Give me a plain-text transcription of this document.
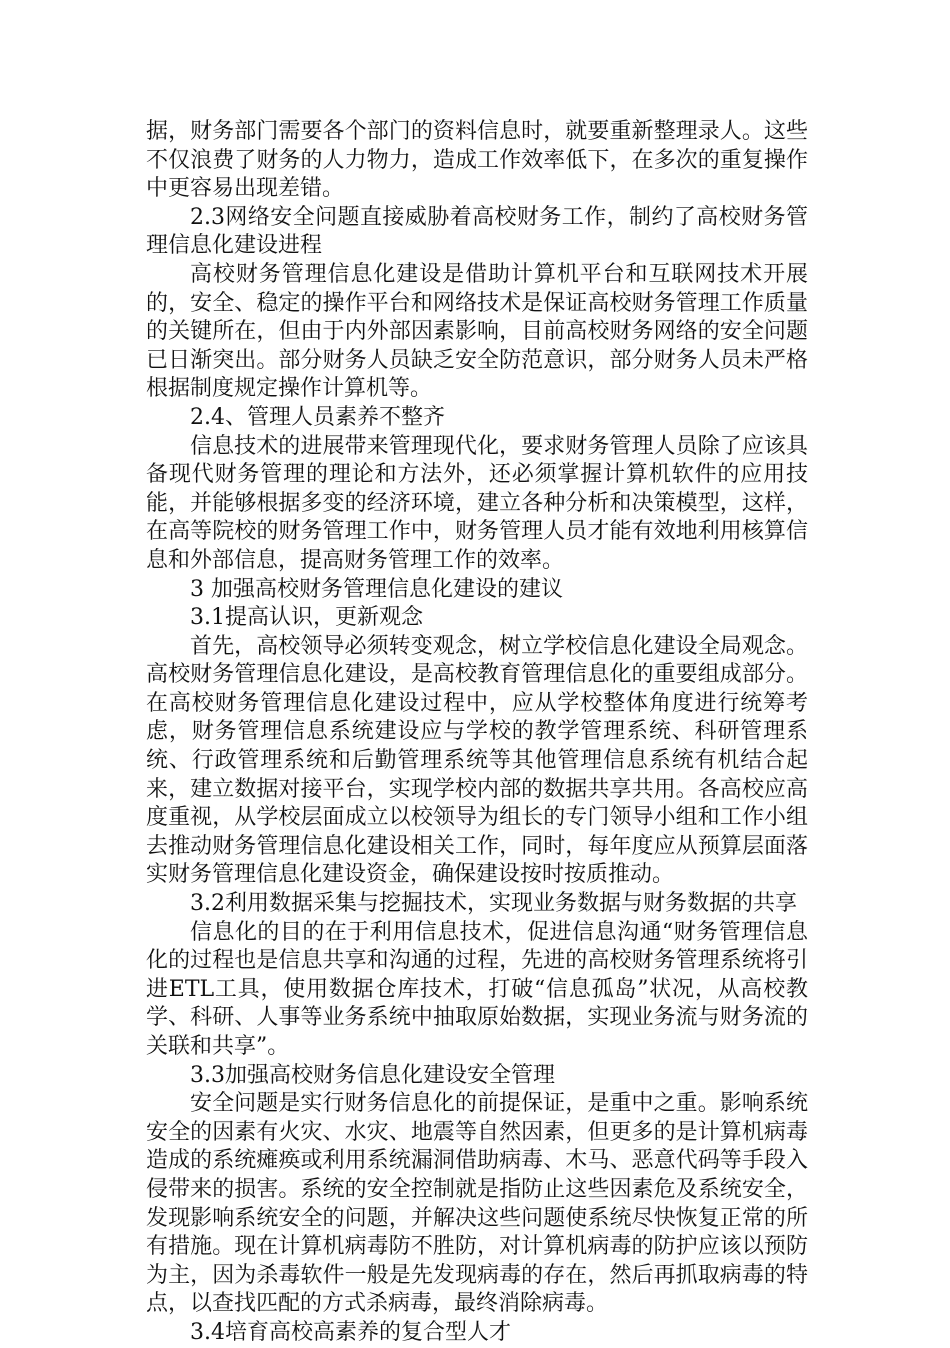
据，财务部门需要各个部门的资料信息时，就要重新整理录人。这些不仅浪费了财务的人力物力，造成工作效率低下，在多次的重复操作中更容易出现差错。

2.3网络安全问题直接威胁着高校财务工作，制约了高校财务管理信息化建设进程

高校财务管理信息化建设是借助计算机平台和互联网技术开展的，安全、稳定的操作平台和网络技术是保证高校财务管理工作质量的关键所在，但由于内外部因素影响，目前高校财务网络的安全问题已日渐突出。部分财务人员缺乏安全防范意识，部分财务人员未严格根据制度规定操作计算机等。

2.4、管理人员素养不整齐

信息技术的进展带来管理现代化，要求财务管理人员除了应该具备现代财务管理的理论和方法外，还必须掌握计算机软件的应用技能，并能够根据多变的经济环境，建立各种分析和决策模型，这样，在高等院校的财务管理工作中，财务管理人员才能有效地利用核算信息和外部信息，提高财务管理工作的效率。

3 加强高校财务管理信息化建设的建议

3.1提高认识，更新观念

首先，高校领导必须转变观念，树立学校信息化建设全局观念。高校财务管理信息化建设，是高校教育管理信息化的重要组成部分。在高校财务管理信息化建设过程中，应从学校整体角度进行统筹考虑，财务管理信息系统建设应与学校的教学管理系统、科研管理系统、行政管理系统和后勤管理系统等其他管理信息系统有机结合起来，建立数据对接平台，实现学校内部的数据共享共用。各高校应高度重视，从学校层面成立以校领导为组长的专门领导小组和工作小组去推动财务管理信息化建设相关工作，同时，每年度应从预算层面落实财务管理信息化建设资金，确保建设按时按质推动。

3.2利用数据采集与挖掘技术，实现业务数据与财务数据的共享

信息化的目的在于利用信息技术，促进信息沟通“财务管理信息化的过程也是信息共享和沟通的过程，先进的高校财务管理系统将引进ETL工具，使用数据仓库技术，打破“信息孤岛”状况，从高校教学、科研、人事等业务系统中抽取原始数据，实现业务流与财务流的关联和共享”。

3.3加强高校财务信息化建设安全管理

安全问题是实行财务信息化的前提保证，是重中之重。影响系统安全的因素有火灾、水灾、地震等自然因素，但更多的是计算机病毒造成的系统瘫痪或利用系统漏洞借助病毒、木马、恶意代码等手段入侵带来的损害。系统的安全控制就是指防止这些因素危及系统安全，发现影响系统安全的问题，并解决这些问题使系统尽快恢复正常的所有措施。现在计算机病毒防不胜防，对计算机病毒的防护应该以预防为主，因为杀毒软件一般是先发现病毒的存在，然后再抓取病毒的特点，以查找匹配的方式杀病毒，最终消除病毒。

3.4培育高校高素养的复合型人才
